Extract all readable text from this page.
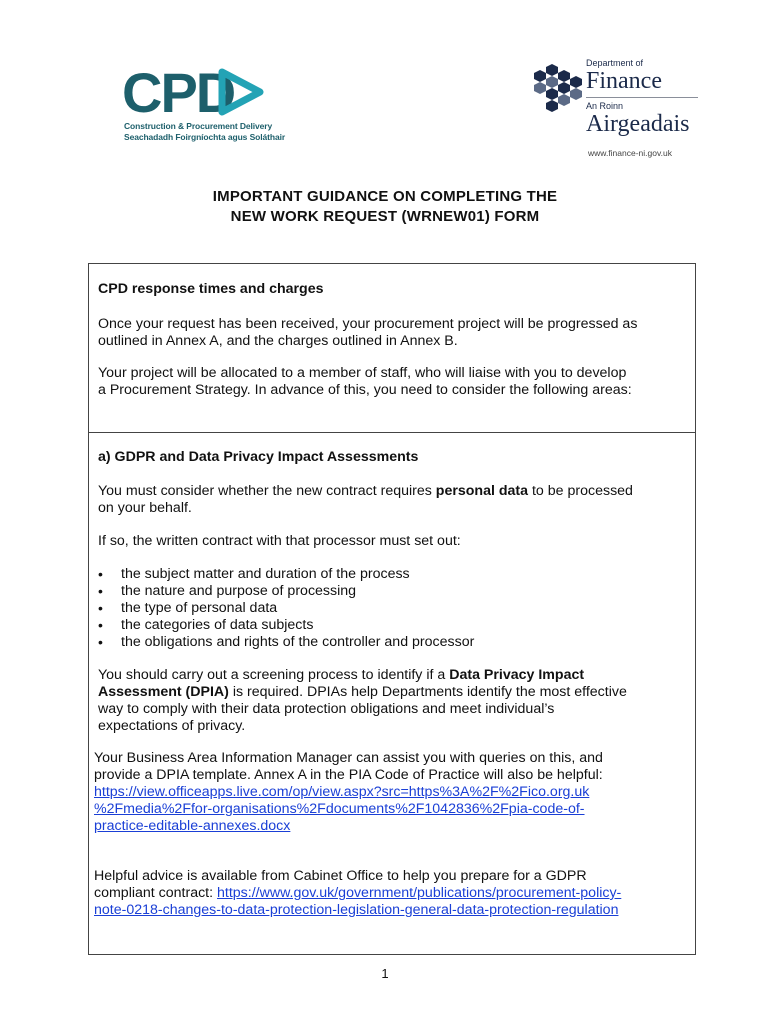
CPD
Construction & Procurement Delivery
Seachadadh Foirgníochta agus Soláthair
Department of
Finance
An Roinn
Airgeadais
www.finance-ni.gov.uk
IMPORTANT GUIDANCE ON COMPLETING THE
NEW WORK REQUEST (WRNEW01) FORM
CPD response times and charges
Once your request has been received, your procurement project will be progressed as
outlined in Annex A, and the charges outlined in Annex B.
Your project will be allocated to a member of staff, who will liaise with you to develop
a Procurement Strategy. In advance of this, you need to consider the following areas:
a) GDPR and Data Privacy Impact Assessments
You must consider whether the new contract requires personal data to be processed
on your behalf.
If so, the written contract with that processor must set out:
• the subject matter and duration of the process
• the nature and purpose of processing
• the type of personal data
• the categories of data subjects
• the obligations and rights of the controller and processor
You should carry out a screening process to identify if a Data Privacy Impact
Assessment (DPIA) is required. DPIAs help Departments identify the most effective
way to comply with their data protection obligations and meet individual’s
expectations of privacy.
Your Business Area Information Manager can assist you with queries on this, and
provide a DPIA template. Annex A in the PIA Code of Practice will also be helpful:
https://view.officeapps.live.com/op/view.aspx?src=https%3A%2F%2Fico.org.uk
%2Fmedia%2Ffor-organisations%2Fdocuments%2F1042836%2Fpia-code-of-
practice-editable-annexes.docx
Helpful advice is available from Cabinet Office to help you prepare for a GDPR
compliant contract: https://www.gov.uk/government/publications/procurement-policy-
note-0218-changes-to-data-protection-legislation-general-data-protection-regulation
1
